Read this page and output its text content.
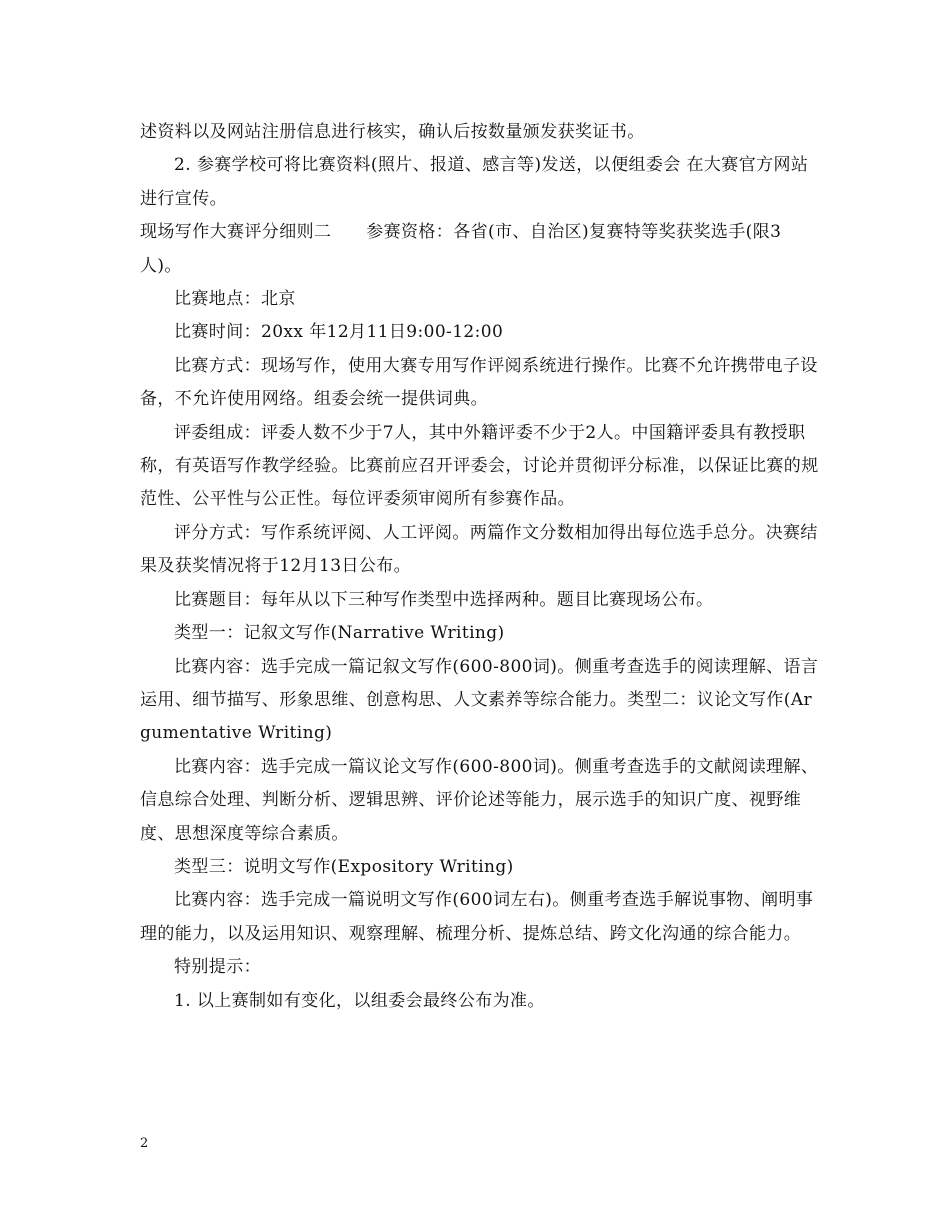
述资料以及网站注册信息进行核实，确认后按数量颁发获奖证书。

2. 参赛学校可将比赛资料(照片、报道、感言等)发送，以便组委会 在大赛官方网站进行宣传。

现场写作大赛评分细则二　　参赛资格：各省(市、自治区)复赛特等奖获奖选手(限3人)。

比赛地点：北京

比赛时间：20xx 年12月11日9:00-12:00

比赛方式：现场写作，使用大赛专用写作评阅系统进行操作。比赛不允许携带电子设备，不允许使用网络。组委会统一提供词典。

评委组成：评委人数不少于7人，其中外籍评委不少于2人。中国籍评委具有教授职称，有英语写作教学经验。比赛前应召开评委会，讨论并贯彻评分标准，以保证比赛的规范性、公平性与公正性。每位评委须审阅所有参赛作品。

评分方式：写作系统评阅、人工评阅。两篇作文分数相加得出每位选手总分。决赛结果及获奖情况将于12月13日公布。

比赛题目：每年从以下三种写作类型中选择两种。题目比赛现场公布。

类型一：记叙文写作(Narrative Writing)

比赛内容：选手完成一篇记叙文写作(600-800词)。侧重考查选手的阅读理解、语言运用、细节描写、形象思维、创意构思、人文素养等综合能力。类型二：议论文写作(Argumentative Writing)

比赛内容：选手完成一篇议论文写作(600-800词)。侧重考查选手的文献阅读理解、信息综合处理、判断分析、逻辑思辨、评价论述等能力，展示选手的知识广度、视野维度、思想深度等综合素质。

类型三：说明文写作(Expository Writing)

比赛内容：选手完成一篇说明文写作(600词左右)。侧重考查选手解说事物、阐明事理的能力，以及运用知识、观察理解、梳理分析、提炼总结、跨文化沟通的综合能力。

特别提示：

1. 以上赛制如有变化，以组委会最终公布为准。

2
